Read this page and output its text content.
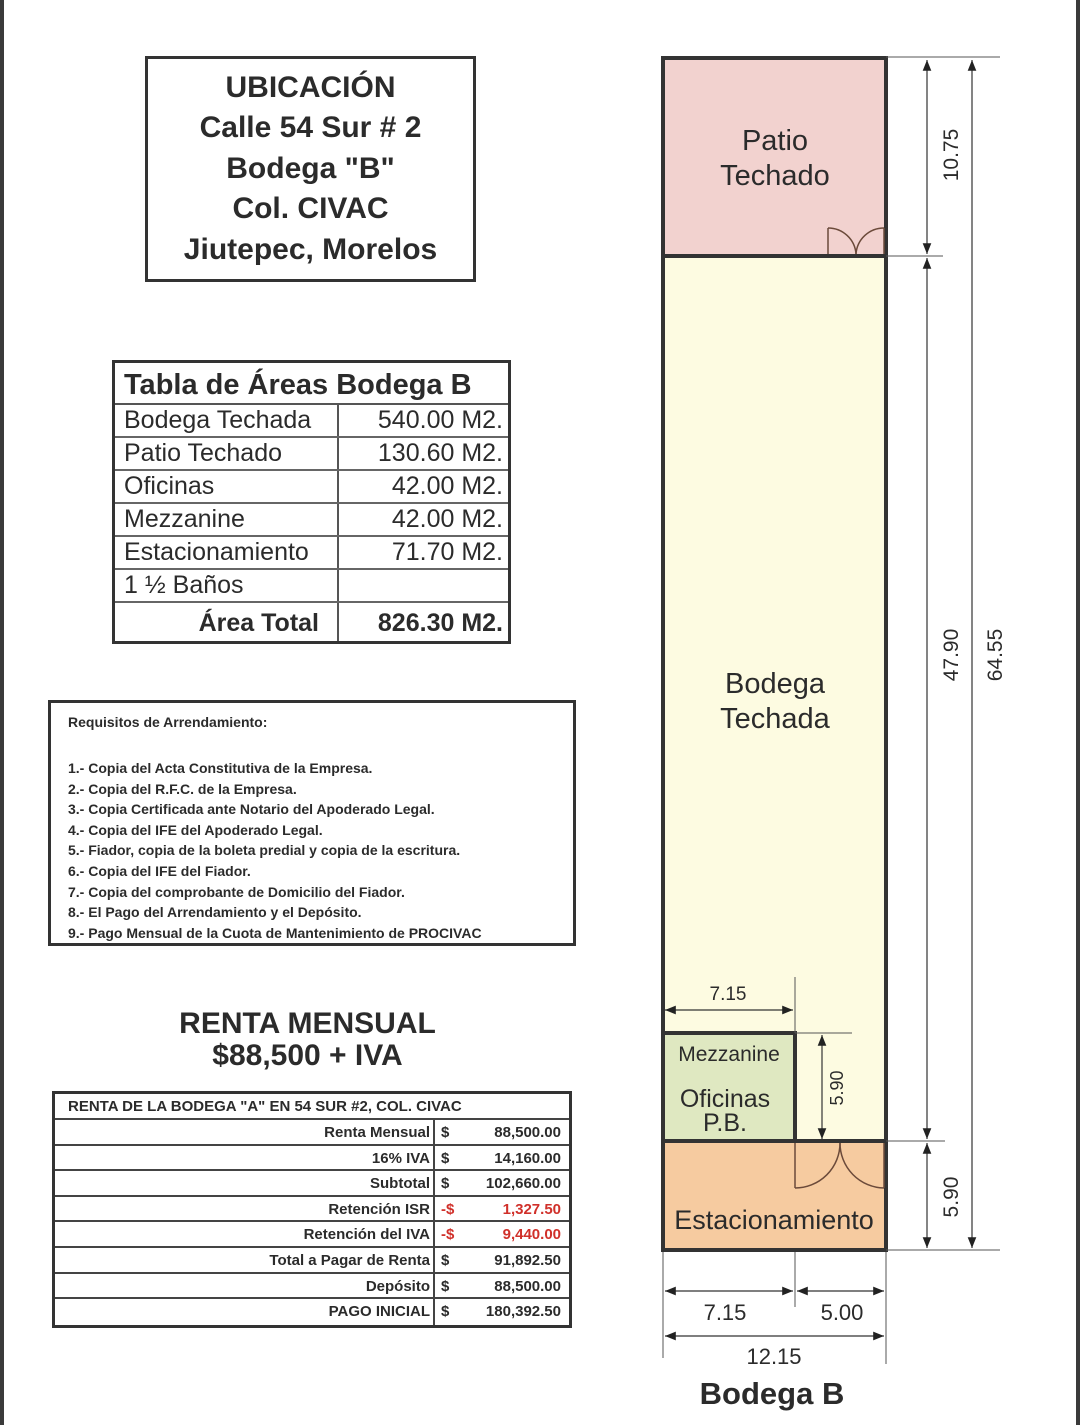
UBICACIÓN
Calle 54 Sur # 2
Bodega "B"
Col. CIVAC
Jiutepec, Morelos
Tabla de Áreas Bodega B
Bodega Techada	540.00 M2.
Patio Techado	130.60 M2.
Oficinas	42.00 M2.
Mezzanine	42.00 M2.
Estacionamiento	71.70 M2.
1 ½ Baños
Área Total	826.30 M2.
Requisitos de Arrendamiento:
1.- Copia del Acta Constitutiva de la Empresa.
2.- Copia del R.F.C. de la Empresa.
3.- Copia Certificada ante Notario del Apoderado Legal.
4.- Copia del IFE del Apoderado Legal.
5.- Fiador, copia de la boleta predial y copia de la escritura.
6.- Copia del IFE del Fiador.
7.- Copia del comprobante de Domicilio del Fiador.
8.- El Pago del Arrendamiento y el Depósito.
9.- Pago Mensual de la Cuota de Mantenimiento de PROCIVAC
RENTA MENSUAL
$88,500 + IVA
RENTA DE LA BODEGA "A" EN 54 SUR #2, COL. CIVAC
Renta Mensual $	88,500.00
16% IVA $	14,160.00
Subtotal $	102,660.00
Retención ISR -$	1,327.50
Retención del IVA -$	9,440.00
Total a Pagar de Renta $	91,892.50
Depósito $	88,500.00
PAGO INICIAL $	180,392.50
Patio
Techado
Bodega
Techada
Mezzanine
Oficinas
P.B.
Estacionamiento
10.75
47.90 64.55
5.90
5.90
7.15
7.15	5.00
12.15
Bodega B
